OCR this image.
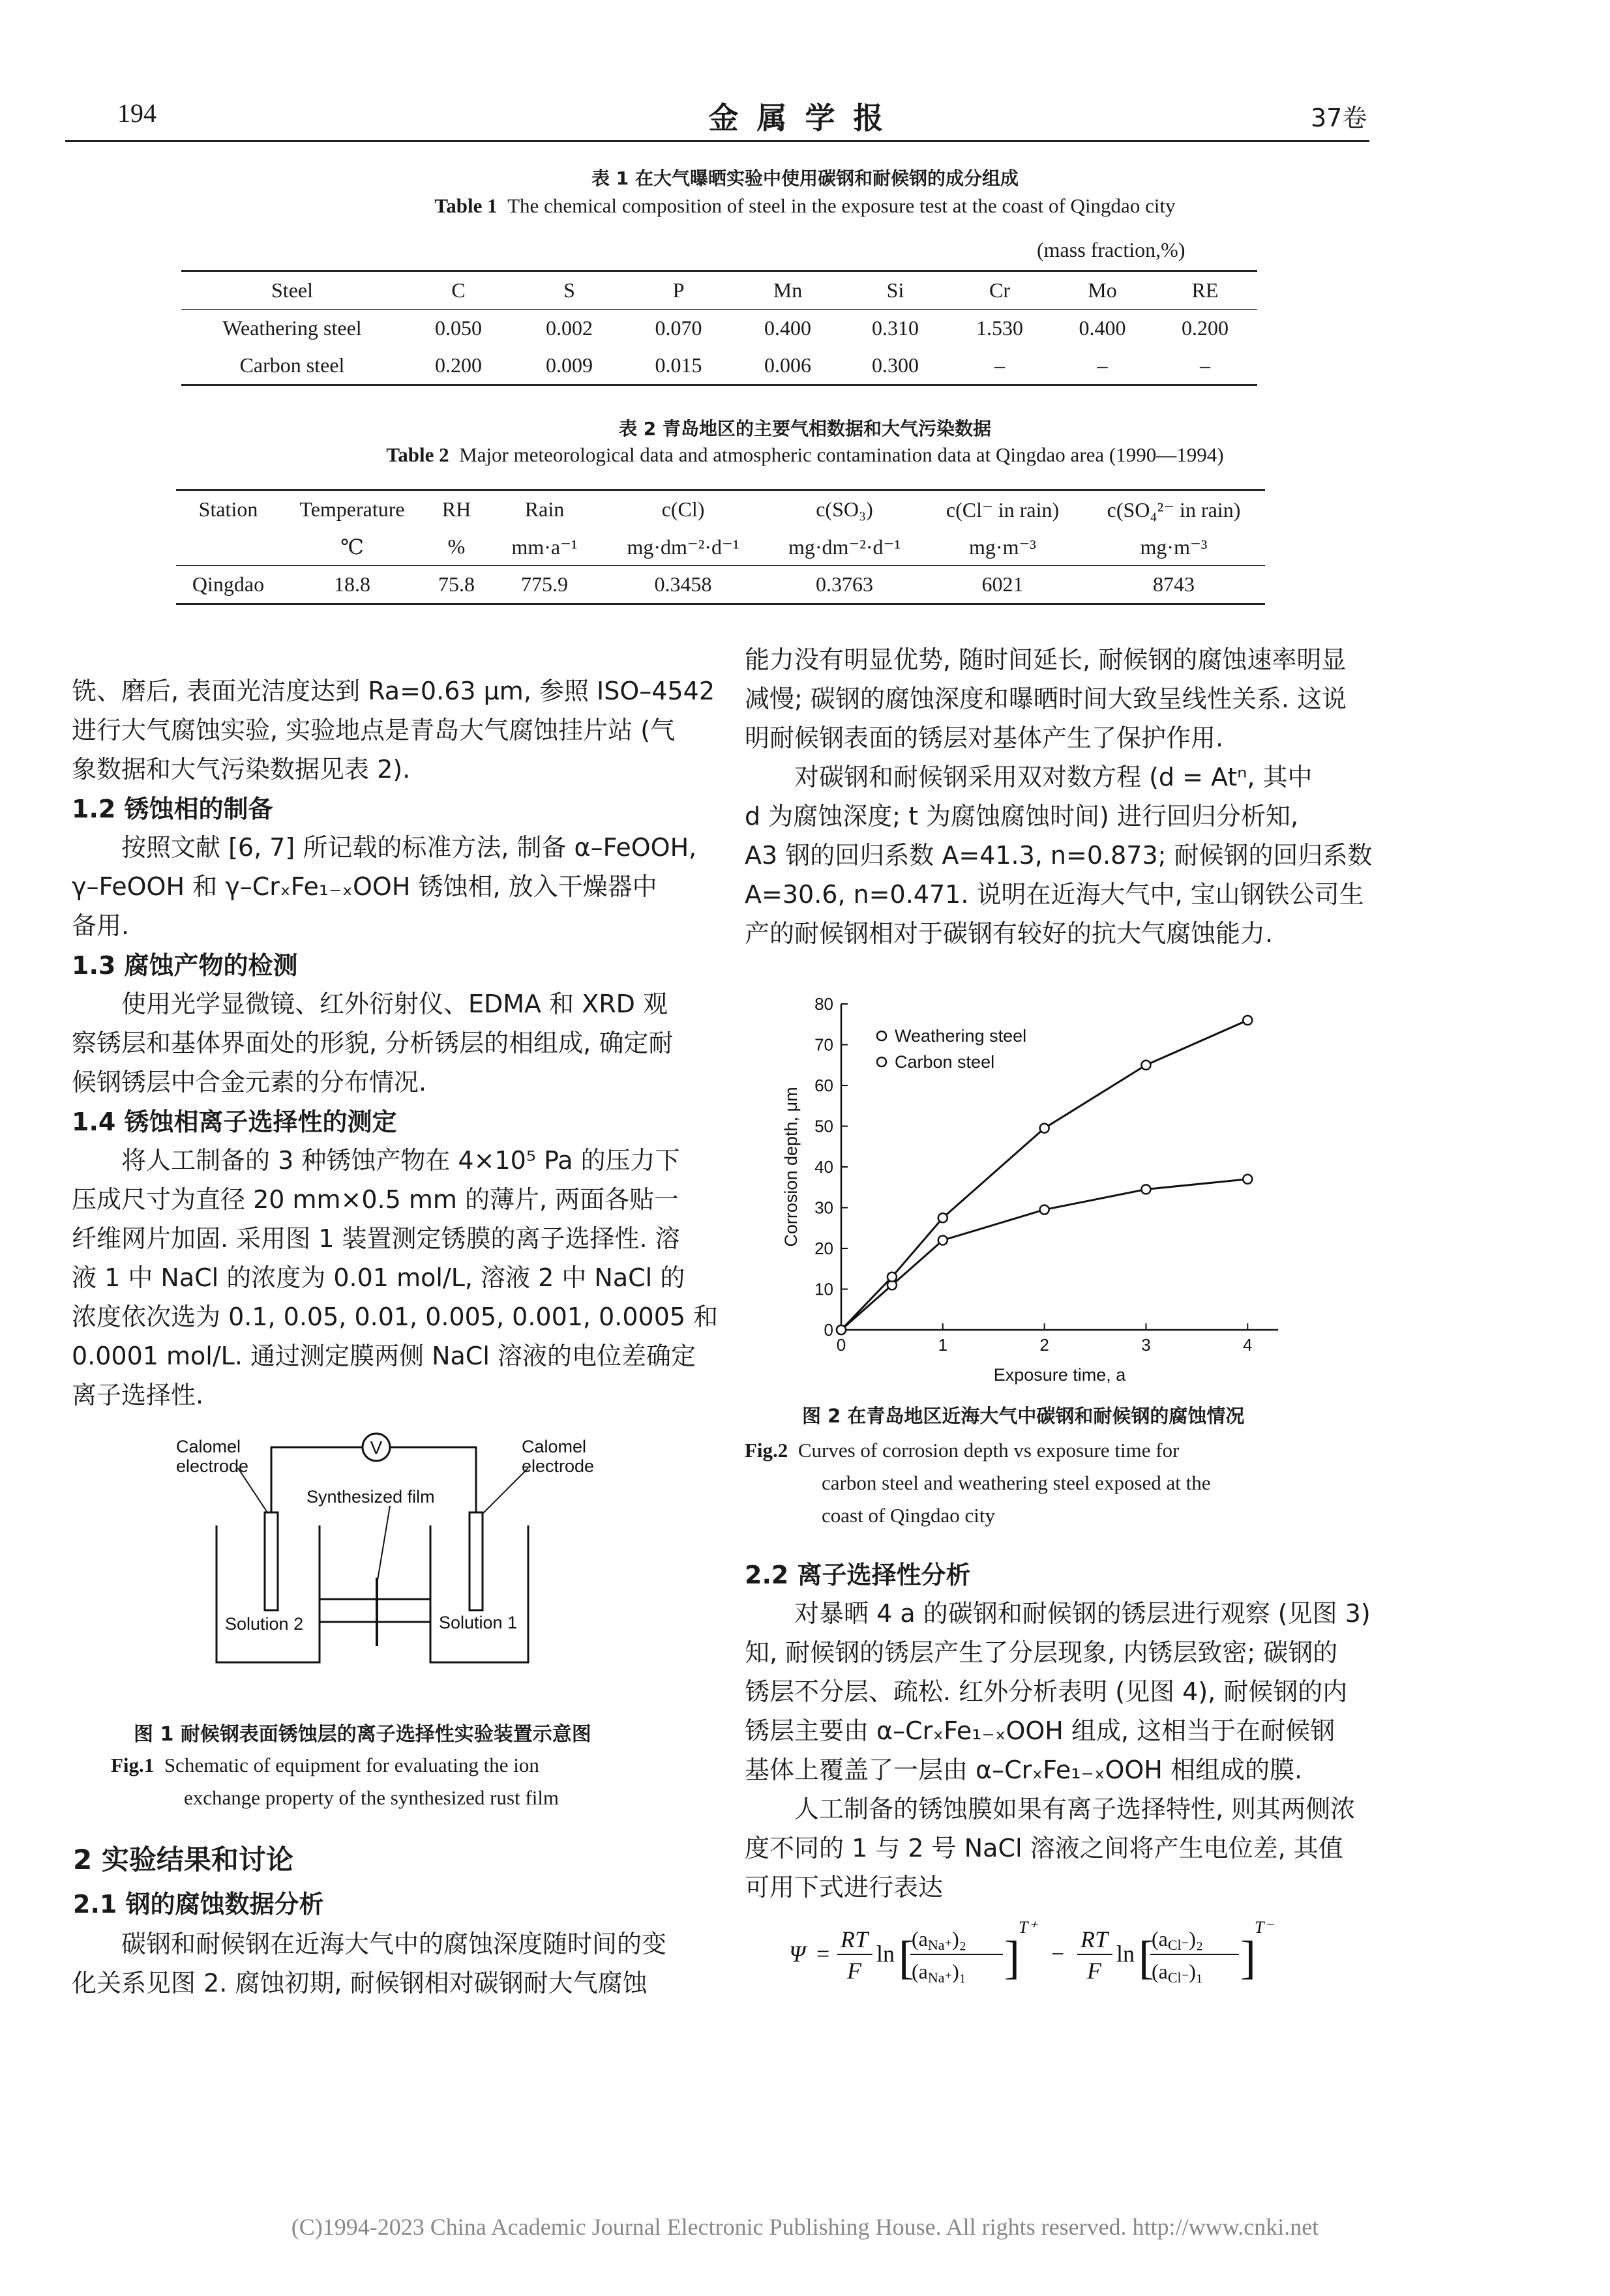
194	金属学报	37卷
表 1 在大气曝晒实验中使用碳钢和耐候钢的成分组成
Table 1 The chemical composition of steel in the exposure test at the coast of Qingdao city
(mass fraction,%)
Steel	C	S	P	Mn	Si	Cr	Mo	RE
Weathering steel	0.050	0.002	0.070	0.400	0.310	1.530	0.400	0.200
Carbon steel	0.200	0.009	0.015	0.006	0.300	–	–	–
表 2 青岛地区的主要气相数据和大气污染数据
Table 2 Major meteorological data and atmospheric contamination data at Qingdao area (1990—1994)
Station	Temperature	RH	Rain	c(Cl)	c(SO₃)	c(Cl⁻ in rain)	c(SO₄²⁻ in rain)
	℃	%	mm·a⁻¹	mg·dm⁻²·d⁻¹	mg·dm⁻²·d⁻¹	mg·m⁻³	mg·m⁻³
Qingdao	18.8	75.8	775.9	0.3458	0.3763	6021	8743
铣、磨后, 表面光洁度达到 Ra=0.63 μm, 参照 ISO–4542
进行大气腐蚀实验, 实验地点是青岛大气腐蚀挂片站 (气
象数据和大气污染数据见表 2).
1.2 锈蚀相的制备
按照文献 [6, 7] 所记载的标准方法, 制备 α–FeOOH,
γ–FeOOH 和 γ–CrₓFe₁₋ₓOOH 锈蚀相, 放入干燥器中
备用.
1.3 腐蚀产物的检测
使用光学显微镜、红外衍射仪、EDMA 和 XRD 观
察锈层和基体界面处的形貌, 分析锈层的相组成, 确定耐
候钢锈层中合金元素的分布情况.
1.4 锈蚀相离子选择性的测定
将人工制备的 3 种锈蚀产物在 4×10⁵ Pa 的压力下
压成尺寸为直径 20 mm×0.5 mm 的薄片, 两面各贴一
纤维网片加固. 采用图 1 装置测定锈膜的离子选择性. 溶
液 1 中 NaCl 的浓度为 0.01 mol/L, 溶液 2 中 NaCl 的
浓度依次选为 0.1, 0.05, 0.01, 0.005, 0.001, 0.0005 和
0.0001 mol/L. 通过测定膜两侧 NaCl 溶液的电位差确定
离子选择性.
V
Calomel
electrode
Calomel
electrode
Synthesized film
Solution 2	Solution 1
图 1 耐候钢表面锈蚀层的离子选择性实验装置示意图
Fig.1 Schematic of equipment for evaluating the ion
exchange property of the synthesized rust film
2 实验结果和讨论
2.1 钢的腐蚀数据分析
碳钢和耐候钢在近海大气中的腐蚀深度随时间的变
化关系见图 2. 腐蚀初期, 耐候钢相对碳钢耐大气腐蚀
能力没有明显优势, 随时间延长, 耐候钢的腐蚀速率明显
减慢; 碳钢的腐蚀深度和曝晒时间大致呈线性关系. 这说
明耐候钢表面的锈层对基体产生了保护作用.
对碳钢和耐候钢采用双对数方程 (d = Atⁿ, 其中
d 为腐蚀深度; t 为腐蚀腐蚀时间) 进行回归分析知,
A3 钢的回归系数 A=41.3, n=0.873; 耐候钢的回归系数
A=30.6, n=0.471. 说明在近海大气中, 宝山钢铁公司生
产的耐候钢相对于碳钢有较好的抗大气腐蚀能力.
0
10
20
30
40
50
60
70
80
0	1	2	3	4
Exposure time, a
Corrosion depth, μm
Weathering steel
Carbon steel
图 2 在青岛地区近海大气中碳钢和耐候钢的腐蚀情况
Fig.2 Curves of corrosion depth vs exposure time for
carbon steel and weathering steel exposed at the
coast of Qingdao city
2.2 离子选择性分析
对暴晒 4 a 的碳钢和耐候钢的锈层进行观察 (见图 3)
知, 耐候钢的锈层产生了分层现象, 内锈层致密; 碳钢的
锈层不分层、疏松. 红外分析表明 (见图 4), 耐候钢的内
锈层主要由 α–CrₓFe₁₋ₓOOH 组成, 这相当于在耐候钢
基体上覆盖了一层由 α–CrₓFe₁₋ₓOOH 相组成的膜.
人工制备的锈蚀膜如果有离子选择特性, 则其两侧浓
度不同的 1 与 2 号 NaCl 溶液之间将产生电位差, 其值
可用下式进行表达
Ψ =
RT
F
ln [
(aNa⁺)₂
(aNa⁺)₁ ]
T⁺
−
RT
F
ln [
(aCl⁻)₂
(aCl⁻)₁ ]
T⁻
(C)1994-2023 China Academic Journal Electronic Publishing House. All rights reserved. http://www.cnki.net
